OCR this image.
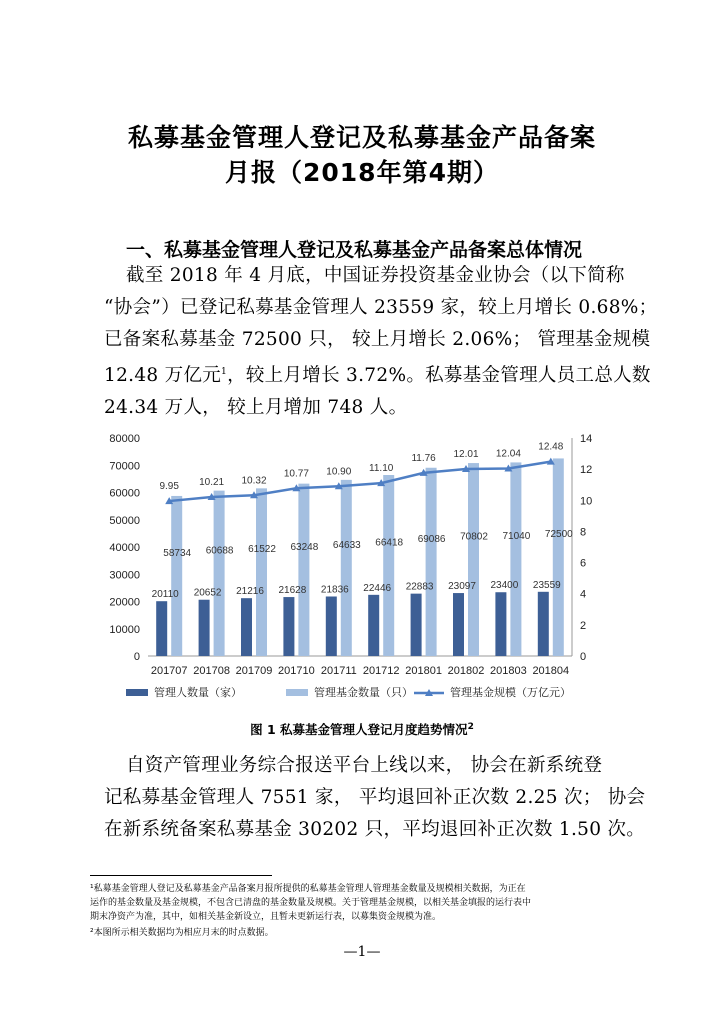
私募基金管理人登记及私募基金产品备案
月报（2018年第4期）
一、私募基金管理人登记及私募基金产品备案总体情况

截至 2018 年 4 月底，中国证券投资基金业协会（以下简称

“协会”）已登记私募基金管理人 23559 家，较上月增长 0.68%；

已备案私募基金 72500 只， 较上月增长 2.06%； 管理基金规模

12.48 万亿元$^1$，较上月增长 3.72%。私募基金管理人员工总人数

24.34 万人， 较上月增加 748 人。

0
10000
20000
30000
40000
50000
60000
70000
80000
0
2
4
6
8
10
12
14
20110
58734
201707
20652
60688
201708
21216
61522
201709
21628
63248
201710
21836
64633
201711
22446
66418
201712
22883
69086
201801
23097
70802
201802
23400
71040
201803
23559
72500
201804
9.95 10.21 10.32
10.77 10.90 11.10
11.76 12.01 12.04
12.48
管理人数量（家）	管理基金数量（只）	管理基金规模（万亿元）
图 1 私募基金管理人登记月度趋势情况$^2$

自资产管理业务综合报送平台上线以来， 协会在新系统登

记私募基金管理人 7551 家， 平均退回补正次数 2.25 次； 协会

在新系统备案私募基金 30202 只，平均退回补正次数 1.50 次。

¹私募基金管理人登记及私募基金产品备案月报所提供的私募基金管理人管理基金数量及规模相关数据，为正在
运作的基金数量及基金规模，不包含已清盘的基金数量及规模。关于管理基金规模，以相关基金填报的运行表中
期末净资产为准，其中，如相关基金新设立，且暂未更新运行表，以募集资金规模为准。
²本图所示相关数据均为相应月末的时点数据。
—1—
